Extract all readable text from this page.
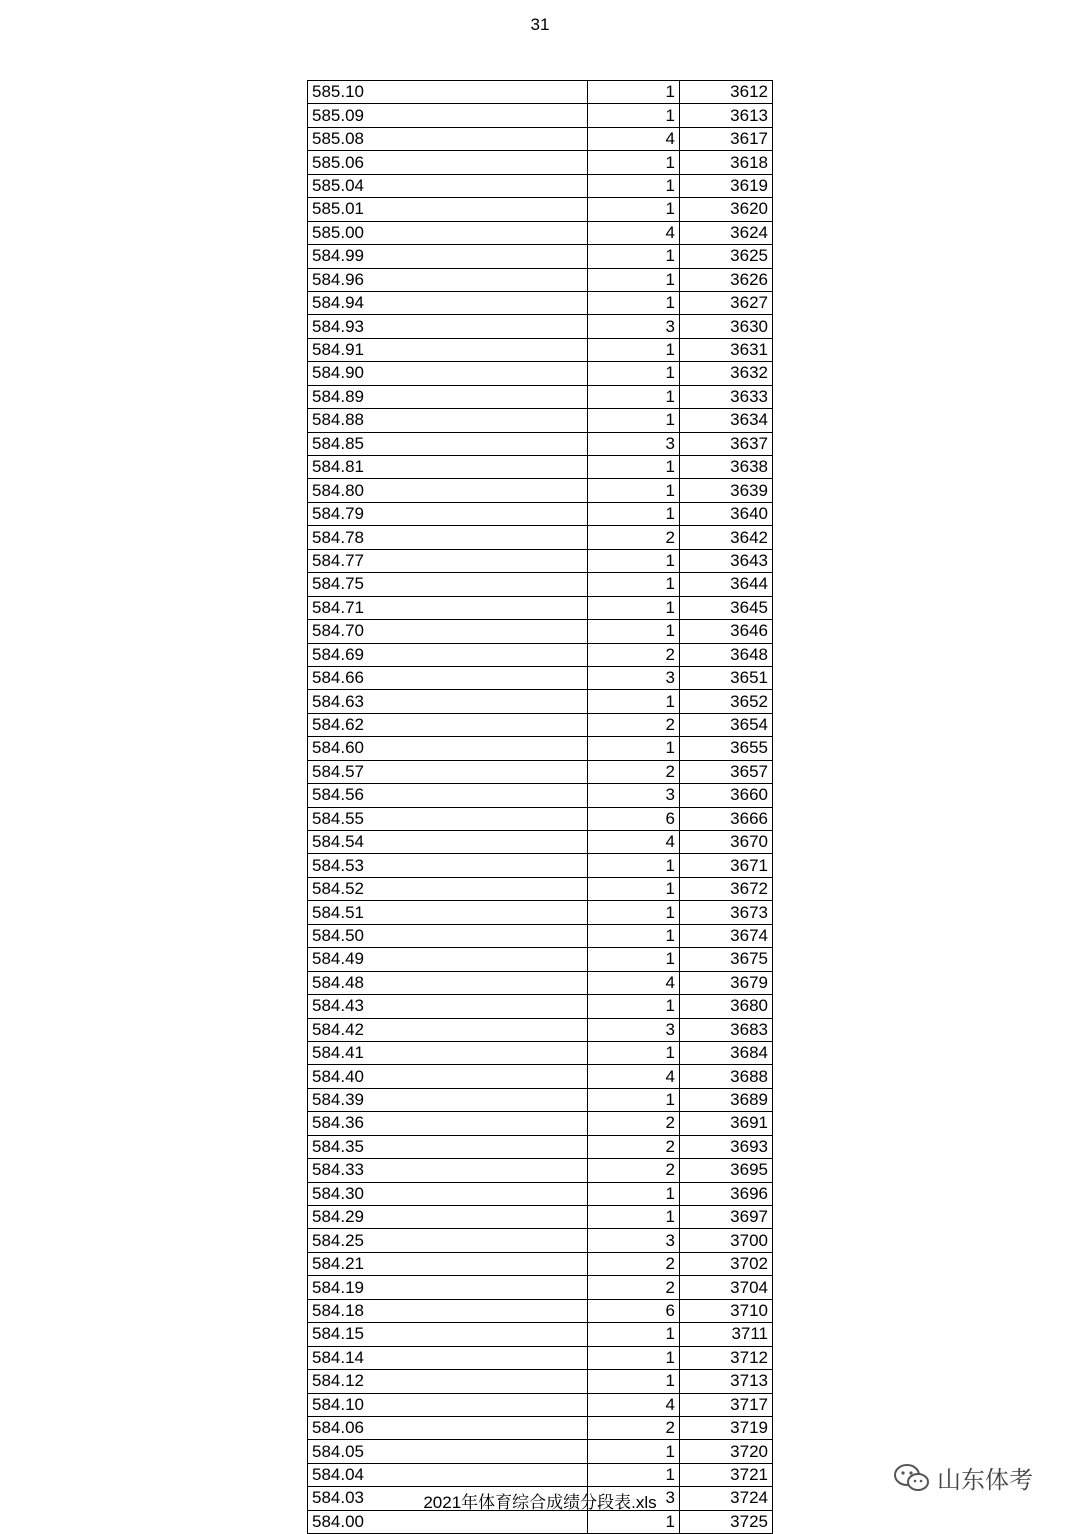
31
585.10	1	3612
585.09	1	3613
585.08	4	3617
585.06	1	3618
585.04	1	3619
585.01	1	3620
585.00	4	3624
584.99	1	3625
584.96	1	3626
584.94	1	3627
584.93	3	3630
584.91	1	3631
584.90	1	3632
584.89	1	3633
584.88	1	3634
584.85	3	3637
584.81	1	3638
584.80	1	3639
584.79	1	3640
584.78	2	3642
584.77	1	3643
584.75	1	3644
584.71	1	3645
584.70	1	3646
584.69	2	3648
584.66	3	3651
584.63	1	3652
584.62	2	3654
584.60	1	3655
584.57	2	3657
584.56	3	3660
584.55	6	3666
584.54	4	3670
584.53	1	3671
584.52	1	3672
584.51	1	3673
584.50	1	3674
584.49	1	3675
584.48	4	3679
584.43	1	3680
584.42	3	3683
584.41	1	3684
584.40	4	3688
584.39	1	3689
584.36	2	3691
584.35	2	3693
584.33	2	3695
584.30	1	3696
584.29	1	3697
584.25	3	3700
584.21	2	3702
584.19	2	3704
584.18	6	3710
584.15	1	3711
584.14	1	3712
584.12	1	3713
584.10	4	3717
584.06	2	3719
584.05	1	3720
584.04	1	3721
584.03	3	3724
584.00	1	3725
山东体考
2021年体育综合成绩分段表.xls
